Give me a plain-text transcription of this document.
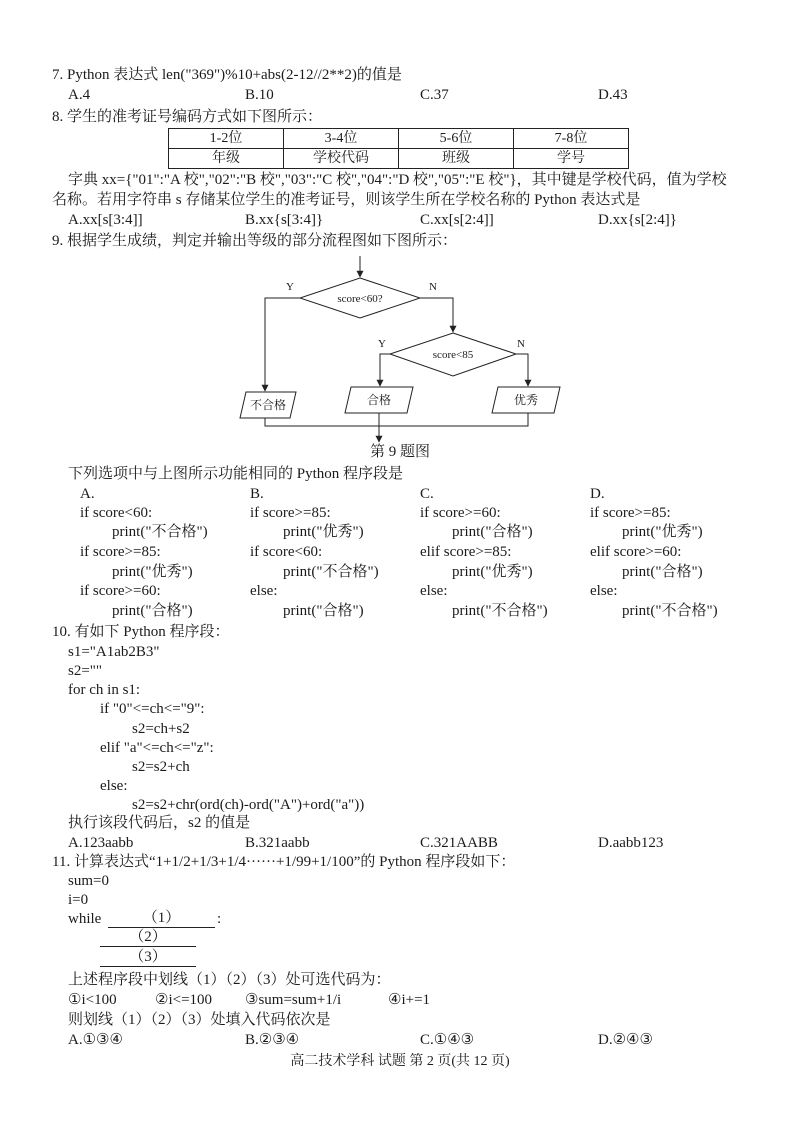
7. Python 表达式 len("369")%10+abs(2-12//2**2)的值是
A.4	B.10	C.37	D.43
8. 学生的准考证号编码方式如下图所示：
1-2位	3-4位	5-6位	7-8位
年级	学校代码	班级	学号
字典 xx={"01":"A 校","02":"B 校","03":"C 校","04":"D 校","05":"E 校"}，其中键是学校代码，值为学校
名称。若用字符串 s 存储某位学生的准考证号，则该学生所在学校名称的 Python 表达式是
A.xx[s[3:4]]	B.xx{s[3:4]}	C.xx[s[2:4]]	D.xx{s[2:4]}
9. 根据学生成绩，判定并输出等级的部分流程图如下图所示：
score<60?
Y	N
score<85
Y	N
不合格	合格	优秀
第 9 题图
下列选项中与上图所示功能相同的 Python 程序段是
A.
if score<60:
print("不合格")
if score>=85:
print("优秀")
if score>=60:
print("合格")
B.
if score>=85:
print("优秀")
if score<60:
print("不合格")
else:
print("合格")
C.
if score>=60:
print("合格")
elif score>=85:
print("优秀")
else:
print("不合格")
D.
if score>=85:
print("优秀")
elif score>=60:
print("合格")
else:
print("不合格")
10. 有如下 Python 程序段：
s1="A1ab2B3"
s2=""
for ch in s1:
if "0"<=ch<="9":
s2=ch+s2
elif "a"<=ch<="z":
s2=s2+ch
else:
s2=s2+chr(ord(ch)-ord("A")+ord("a"))
执行该段代码后，s2 的值是
A.123aabb	B.321aabb	C.321AABB	D.aabb123
11. 计算表达式“1+1/2+1/3+1/4······+1/99+1/100”的 Python 程序段如下：
sum=0
i=0
while	（1）	:
（2）
（3）
上述程序段中划线（1）（2）（3）处可选代码为：
①i<100	②i<=100 ③sum=sum+1/i	④i+=1
则划线（1）（2）（3）处填入代码依次是
A.①③④	B.②③④	C.①④③	D.②④③
高二技术学科 试题 第 2 页(共 12 页)
